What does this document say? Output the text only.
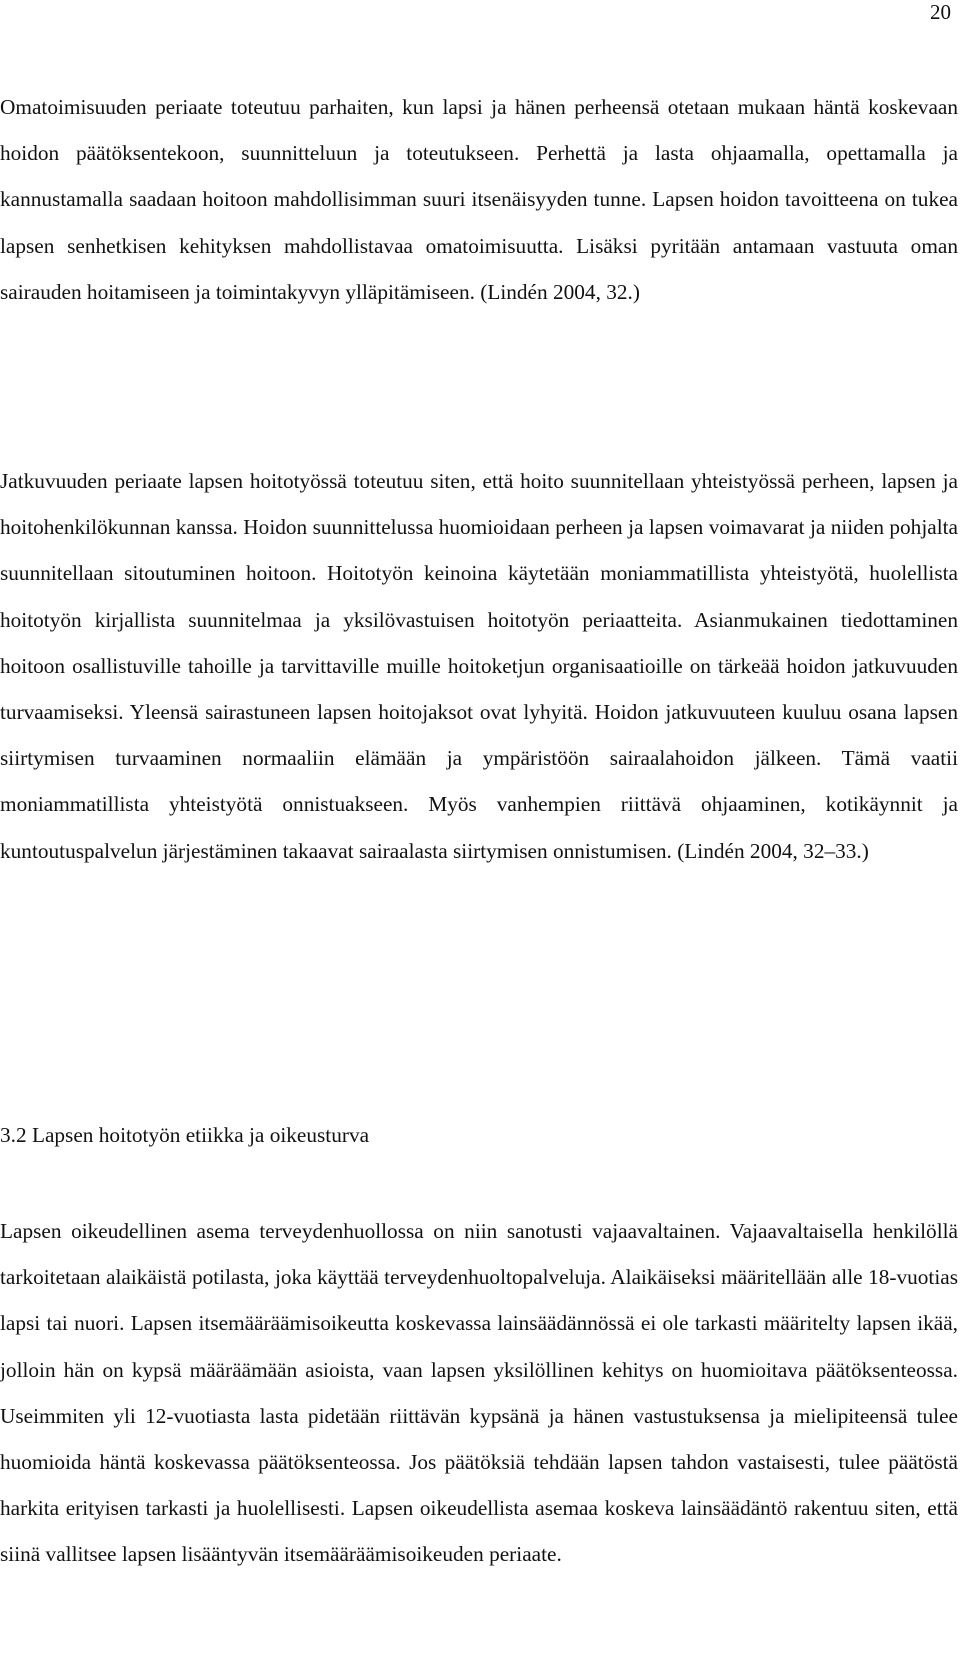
20

Omatoimisuuden periaate toteutuu parhaiten, kun lapsi ja hänen perheensä otetaan mukaan häntä koskevaan hoidon päätöksentekoon, suunnitteluun ja toteutukseen. Perhettä ja lasta ohjaamalla, opettamalla ja kannustamalla saadaan hoitoon mahdollisimman suuri itsenäisyyden tunne. Lapsen hoidon tavoitteena on tukea lapsen senhetkisen kehityksen mahdollistavaa omatoimisuutta. Lisäksi pyritään antamaan vastuuta oman sairauden hoitamiseen ja toimintakyvyn ylläpitämiseen. (Lindén 2004, 32.)

Jatkuvuuden periaate lapsen hoitotyössä toteutuu siten, että hoito suunnitellaan yhteistyössä perheen, lapsen ja hoitohenkilökunnan kanssa. Hoidon suunnittelussa huomioidaan perheen ja lapsen voimavarat ja niiden pohjalta suunnitellaan sitoutuminen hoitoon. Hoitotyön keinoina käytetään moniammatillista yhteistyötä, huolellista hoitotyön kirjallista suunnitelmaa ja yksilövastuisen hoitotyön periaatteita. Asianmukainen tiedottaminen hoitoon osallistuville tahoille ja tarvittaville muille hoitoketjun organisaatioille on tärkeää hoidon jatkuvuuden turvaamiseksi. Yleensä sairastuneen lapsen hoitojaksot ovat lyhyitä. Hoidon jatkuvuuteen kuuluu osana lapsen siirtymisen turvaaminen normaaliin elämään ja ympäristöön sairaalahoidon jälkeen. Tämä vaatii moniammatillista yhteistyötä onnistuakseen. Myös vanhempien riittävä ohjaaminen, kotikäynnit ja kuntoutuspalvelun järjestäminen takaavat sairaalasta siirtymisen onnistumisen. (Lindén 2004, 32–33.)

3.2 Lapsen hoitotyön etiikka ja oikeusturva

Lapsen oikeudellinen asema terveydenhuollossa on niin sanotusti vajaavaltainen. Vajaavaltaisella henkilöllä tarkoitetaan alaikäistä potilasta, joka käyttää terveydenhuoltopalveluja. Alaikäiseksi määritellään alle 18-vuotias lapsi tai nuori. Lapsen itsemääräämisoikeutta koskevassa lainsäädännössä ei ole tarkasti määritelty lapsen ikää, jolloin hän on kypsä määräämään asioista, vaan lapsen yksilöllinen kehitys on huomioitava päätöksenteossa. Useimmiten yli 12-vuotiasta lasta pidetään riittävän kypsänä ja hänen vastustuksensa ja mielipiteensä tulee huomioida häntä koskevassa päätöksenteossa. Jos päätöksiä tehdään lapsen tahdon vastaisesti, tulee päätöstä harkita erityisen tarkasti ja huolellisesti. Lapsen oikeudellista asemaa koskeva lainsäädäntö rakentuu siten, että siinä vallitsee lapsen lisääntyvän itsemääräämisoikeuden periaate.
